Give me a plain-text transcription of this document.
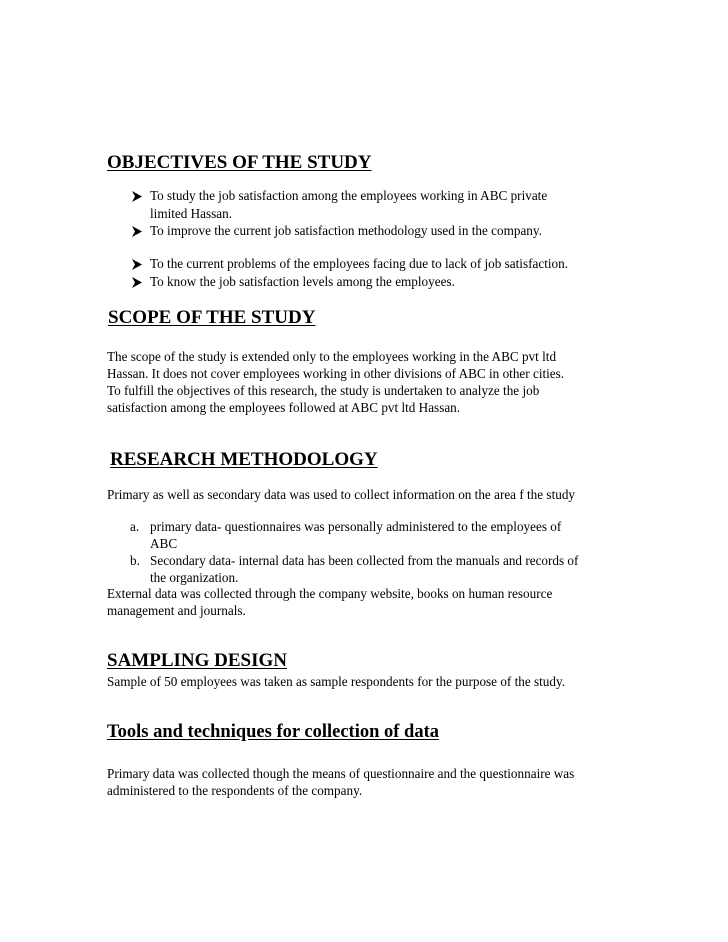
OBJECTIVES OF THE STUDY
To study the job satisfaction among the employees working in ABC private
limited Hassan.
To improve the current job satisfaction methodology used in the company.
To the current problems of the employees facing due to lack of job satisfaction.
To know the job satisfaction levels among the employees.
SCOPE OF THE STUDY
The scope of the study is extended only to the employees working in the ABC pvt ltd
Hassan. It does not cover employees working in other divisions of ABC in other cities.
To fulfill the objectives of this research, the study is undertaken to analyze the job
satisfaction among the employees followed at ABC pvt ltd Hassan.
RESEARCH METHODOLOGY
Primary as well as secondary data was used to collect information on the area f the study
a. primary data- questionnaires was personally administered to the employees of
ABC
b. Secondary data- internal data has been collected from the manuals and records of
the organization.
External data was collected through the company website, books on human resource
management and journals.
SAMPLING DESIGN
Sample of 50 employees was taken as sample respondents for the purpose of the study.
Tools and techniques for collection of data
Primary data was collected though the means of questionnaire and the questionnaire was
administered to the respondents of the company.
